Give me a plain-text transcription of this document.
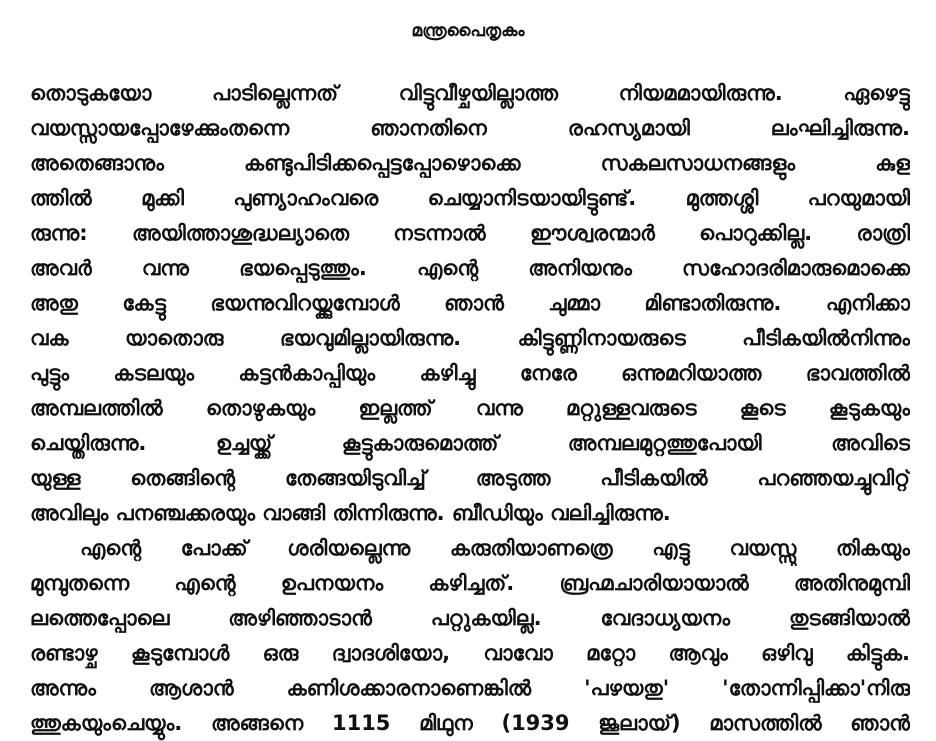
മന്ത്രപൈതൃകം
തൊടുകയോ പാടില്ലെന്നത് വിട്ടുവീഴ്ചയില്ലാത്ത നിയമമായിരുന്നു. ഏഴെട്ടു
വയസ്സായപ്പോഴേക്കുംതന്നെ ഞാനതിനെ രഹസ്യമായി ലംഘിച്ചിരുന്നു.
അതെങ്ങാനും കണ്ടുപിടിക്കപ്പെട്ടപ്പോഴൊക്കെ സകലസാധനങ്ങളും കുള
ത്തിൽ മുക്കി പുണ്യാഹംവരെ ചെയ്യാനിടയായിട്ടുണ്ട്. മുത്തശ്ശി പറയുമായി
രുന്നു: അയിത്താശുദ്ധല്യാതെ നടന്നാൽ ഈശ്വരന്മാർ പൊറുക്കില്ല. രാത്രി
അവർ വന്നു ഭയപ്പെടുത്തും. എന്റെ അനിയനും സഹോദരിമാരുമൊക്കെ
അതു കേട്ടു ഭയന്നുവിറയ്ക്കുമ്പോൾ ഞാൻ ചുമ്മാ മിണ്ടാതിരുന്നു. എനിക്കാ
വക യാതൊരു ഭയവുമില്ലായിരുന്നു. കിട്ടുണ്ണിനായരുടെ പീടികയിൽനിന്നും
പുട്ടും കടലയും കട്ടൻകാപ്പിയും കഴിച്ചു നേരേ ഒന്നുമറിയാത്ത ഭാവത്തിൽ
അമ്പലത്തിൽ തൊഴുകയും ഇല്ലത്ത് വന്നു മറ്റുള്ളവരുടെ കൂടെ കൂടുകയും
ചെയ്തിരുന്നു. ഉച്ചയ്ക്ക് കൂട്ടുകാരുമൊത്ത് അമ്പലമുറ്റത്തുപോയി അവിടെ
യുള്ള തെങ്ങിന്റെ തേങ്ങയിടുവിച്ച് അടുത്ത പീടികയിൽ പറഞ്ഞയച്ചുവിറ്റ്
അവിലും പനഞ്ചക്കരയും വാങ്ങി തിന്നിരുന്നു. ബീഡിയും വലിച്ചിരുന്നു.
എന്റെ പോക്ക് ശരിയല്ലെന്നു കരുതിയാണത്രെ എട്ടു വയസ്സു തികയും
മുമ്പുതന്നെ എന്റെ ഉപനയനം കഴിച്ചത്. ബ്രഹ്മചാരിയായാൽ അതിനുമുമ്പി
ലത്തെപ്പോലെ അഴിഞ്ഞാടാൻ പറ്റുകയില്ല. വേദാധ്യയനം തുടങ്ങിയാൽ
രണ്ടാഴ്ച കൂടുമ്പോൾ ഒരു ദ്വാദശിയോ, വാവോ മറ്റോ ആവും ഒഴിവു കിട്ടുക.
അന്നും ആശാൻ കണിശക്കാരനാണെങ്കിൽ 'പഴയതു' 'തോന്നിപ്പിക്കാ'നിരു
ത്തുകയുംചെയ്യും. അങ്ങനെ 1115 മിഥുന (1939 ജൂലായ്) മാസത്തിൽ ഞാൻ
